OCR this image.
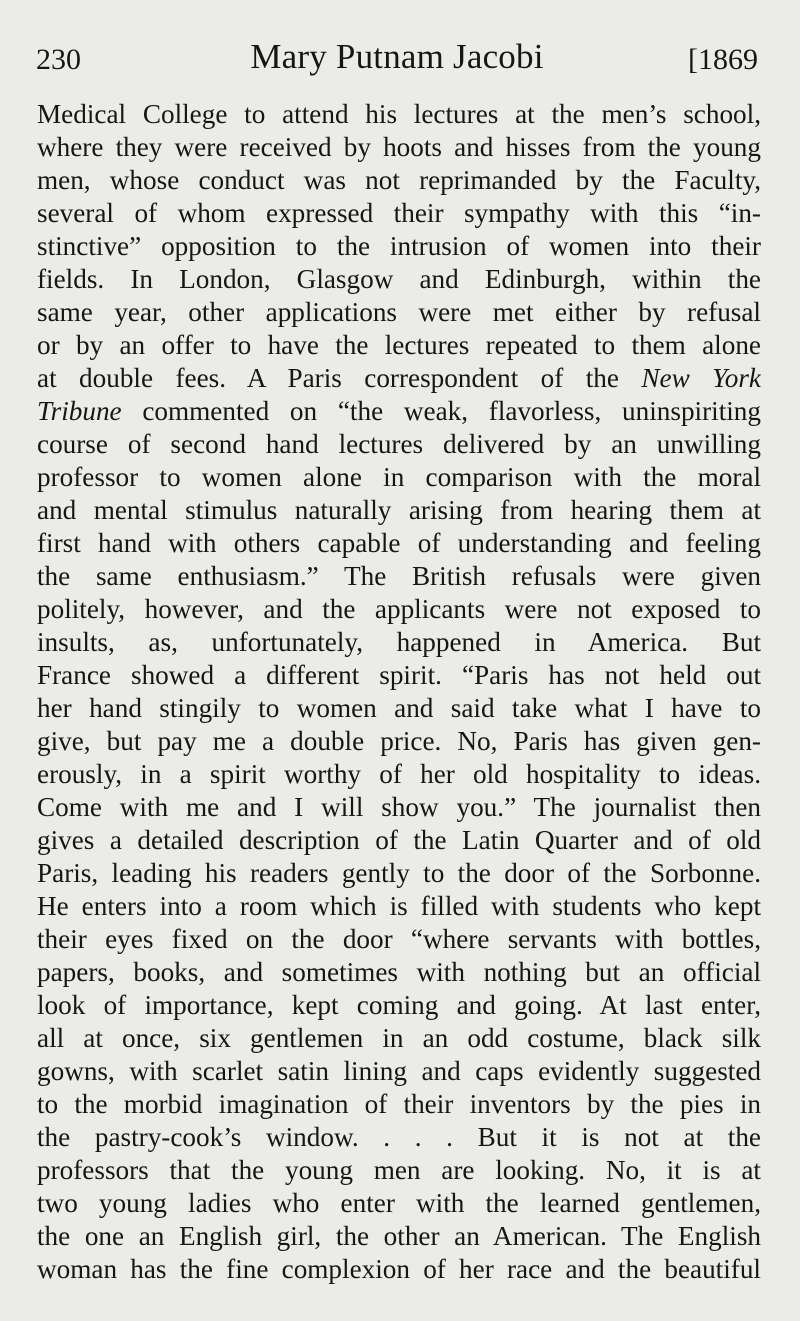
230	Mary Putnam Jacobi	[1869
Medical College to attend his lectures at the men’s school,
where they were received by hoots and hisses from the young
men, whose conduct was not reprimanded by the Faculty,
several of whom expressed their sympathy with this “in-
stinctive” opposition to the intrusion of women into their
fields. In London, Glasgow and Edinburgh, within the
same year, other applications were met either by refusal
or by an offer to have the lectures repeated to them alone
at double fees. A Paris correspondent of the New York
Tribune commented on “the weak, flavorless, uninspiriting
course of second hand lectures delivered by an unwilling
professor to women alone in comparison with the moral
and mental stimulus naturally arising from hearing them at
first hand with others capable of understanding and feeling
the same enthusiasm.” The British refusals were given
politely, however, and the applicants were not exposed to
insults, as, unfortunately, happened in America. But
France showed a different spirit. “Paris has not held out
her hand stingily to women and said take what I have to
give, but pay me a double price. No, Paris has given gen-
erously, in a spirit worthy of her old hospitality to ideas.
Come with me and I will show you.” The journalist then
gives a detailed description of the Latin Quarter and of old
Paris, leading his readers gently to the door of the Sorbonne.
He enters into a room which is filled with students who kept
their eyes fixed on the door “where servants with bottles,
papers, books, and sometimes with nothing but an official
look of importance, kept coming and going. At last enter,
all at once, six gentlemen in an odd costume, black silk
gowns, with scarlet satin lining and caps evidently suggested
to the morbid imagination of their inventors by the pies in
the pastry-cook’s window. . . . But it is not at the
professors that the young men are looking. No, it is at
two young ladies who enter with the learned gentlemen,
the one an English girl, the other an American. The English
woman has the fine complexion of her race and the beautiful
